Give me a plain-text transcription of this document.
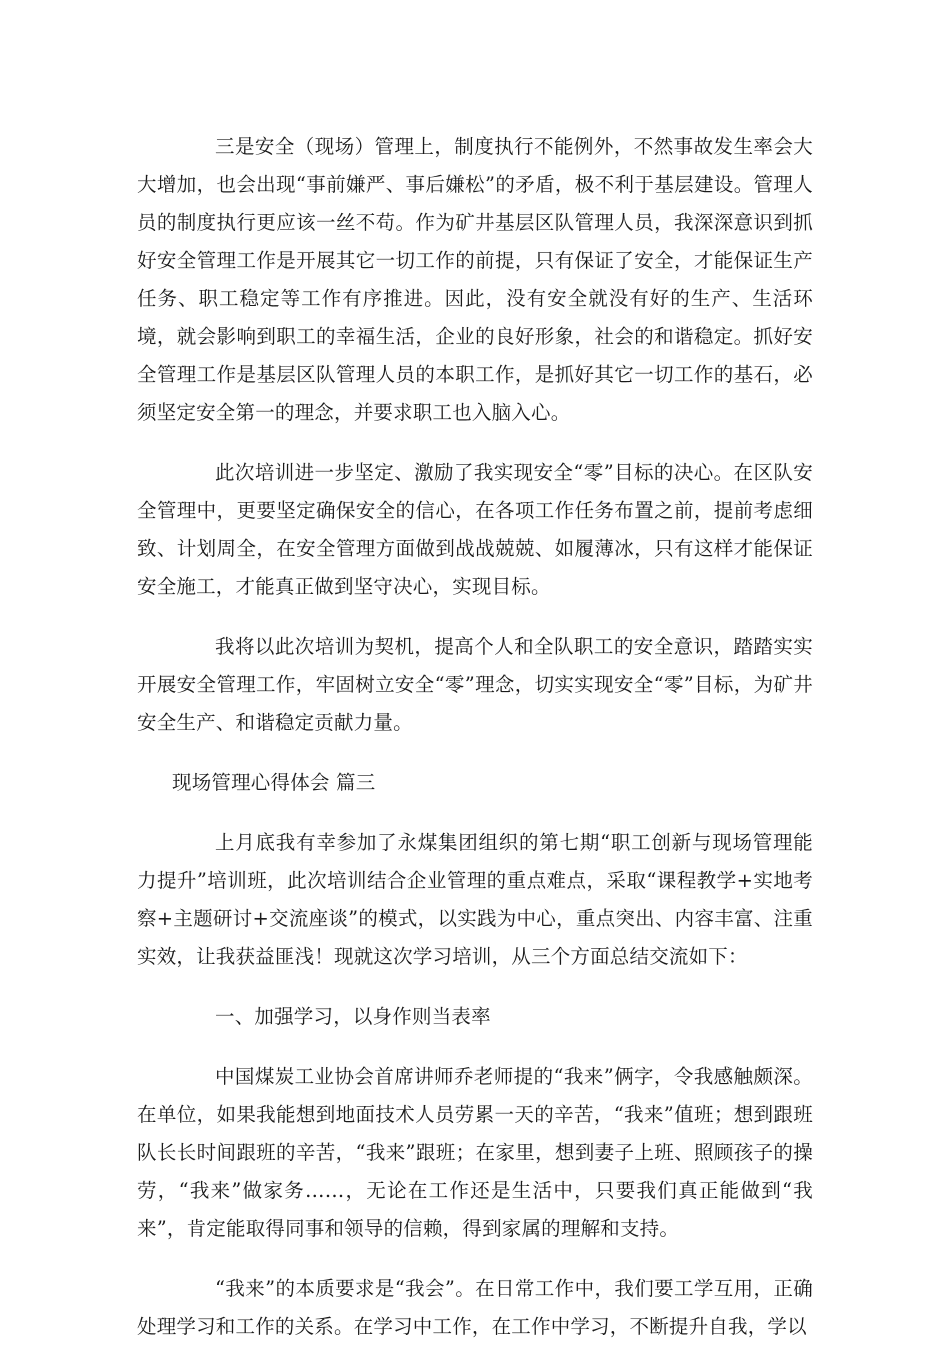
三是安全（现场）管理上，制度执行不能例外，不然事故发生率会大大增加，也会出现“事前嫌严、事后嫌松”的矛盾，极不利于基层建设。管理人员的制度执行更应该一丝不苟。作为矿井基层区队管理人员，我深深意识到抓好安全管理工作是开展其它一切工作的前提，只有保证了安全，才能保证生产任务、职工稳定等工作有序推进。因此，没有安全就没有好的生产、生活环境，就会影响到职工的幸福生活，企业的良好形象，社会的和谐稳定。抓好安全管理工作是基层区队管理人员的本职工作，是抓好其它一切工作的基石，必须坚定安全第一的理念，并要求职工也入脑入心。

此次培训进一步坚定、激励了我实现安全“零”目标的决心。在区队安全管理中，更要坚定确保安全的信心，在各项工作任务布置之前，提前考虑细致、计划周全，在安全管理方面做到战战兢兢、如履薄冰，只有这样才能保证安全施工，才能真正做到坚守决心，实现目标。

我将以此次培训为契机，提高个人和全队职工的安全意识，踏踏实实开展安全管理工作，牢固树立安全“零”理念，切实实现安全“零”目标，为矿井安全生产、和谐稳定贡献力量。

现场管理心得体会 篇三

上月底我有幸参加了永煤集团组织的第七期“职工创新与现场管理能力提升”培训班，此次培训结合企业管理的重点难点，采取“课程教学+实地考察+主题研讨+交流座谈”的模式，以实践为中心，重点突出、内容丰富、注重实效，让我获益匪浅！现就这次学习培训，从三个方面总结交流如下：

一、加强学习，以身作则当表率

中国煤炭工业协会首席讲师乔老师提的“我来”俩字，令我感触颇深。在单位，如果我能想到地面技术人员劳累一天的辛苦，“我来”值班；想到跟班队长长时间跟班的辛苦，“我来”跟班；在家里，想到妻子上班、照顾孩子的操劳，“我来”做家务……，无论在工作还是生活中，只要我们真正能做到“我来”，肯定能取得同事和领导的信赖，得到家属的理解和支持。

“我来”的本质要求是“我会”。在日常工作中，我们要工学互用，正确处理学习和工作的关系。在学习中工作，在工作中学习，不断提升自我，学以
